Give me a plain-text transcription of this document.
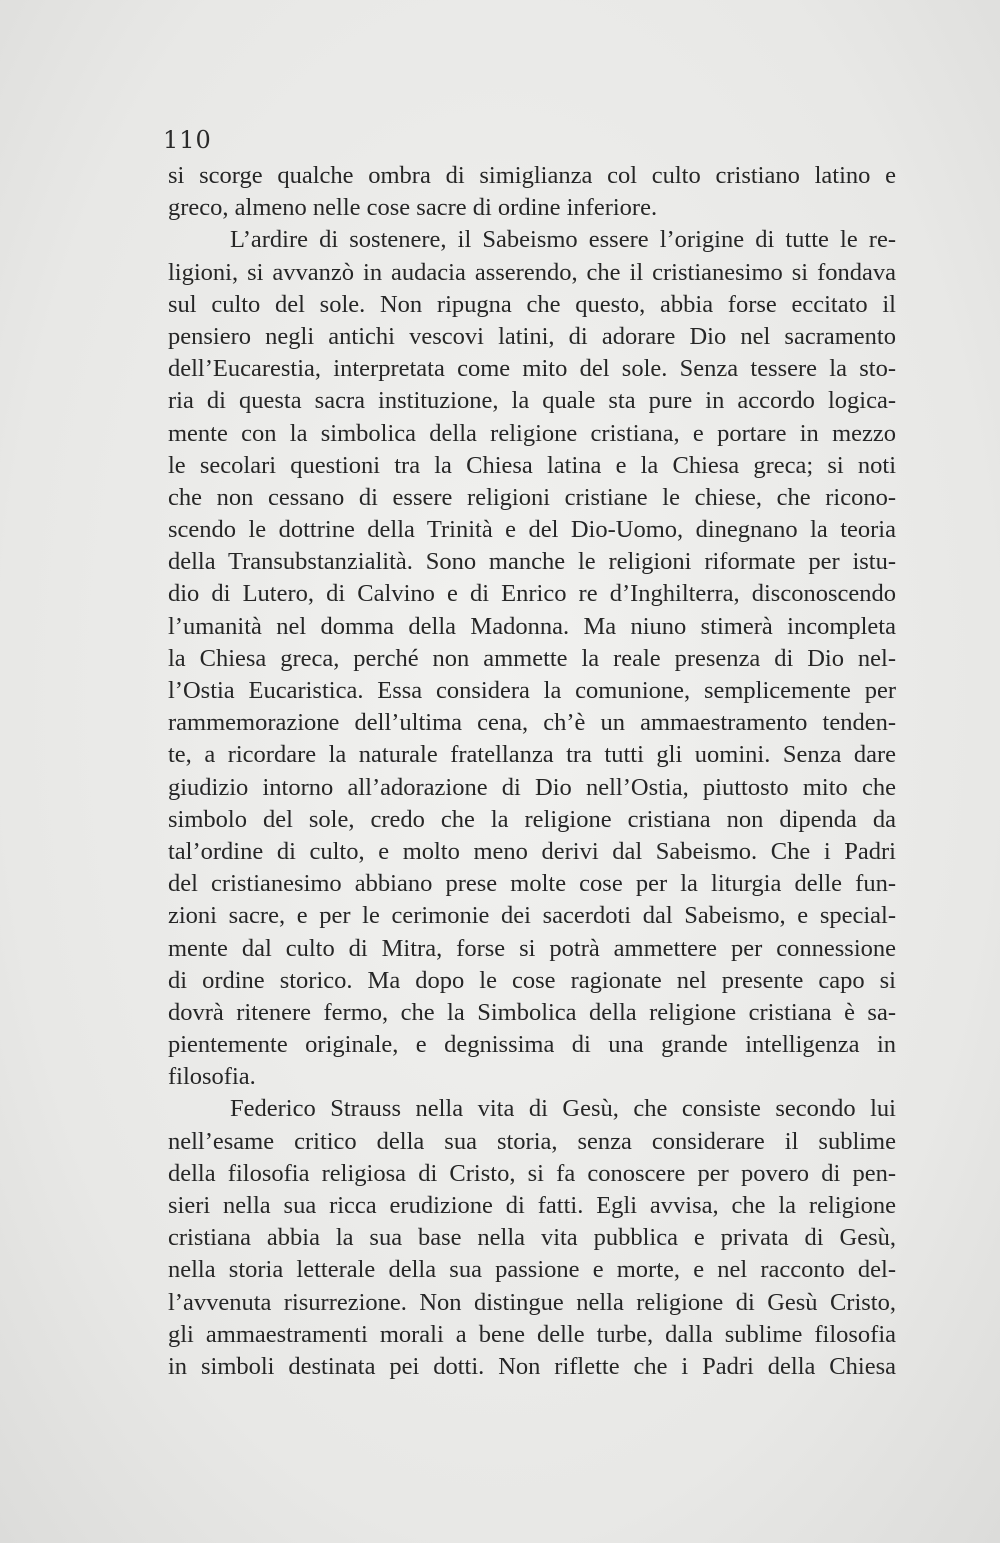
110
si scorge qualche ombra di simiglianza col culto cristiano latino e
greco, almeno nelle cose sacre di ordine inferiore.
L’ardire di sostenere, il Sabeismo essere l’origine di tutte le re-
ligioni, si avvanzò in audacia asserendo, che il cristianesimo si fondava
sul culto del sole. Non ripugna che questo, abbia forse eccitato il
pensiero negli antichi vescovi latini, di adorare Dio nel sacramento
dell’Eucarestia, interpretata come mito del sole. Senza tessere la sto-
ria di questa sacra instituzione, la quale sta pure in accordo logica-
mente con la simbolica della religione cristiana, e portare in mezzo
le secolari questioni tra la Chiesa latina e la Chiesa greca; si noti
che non cessano di essere religioni cristiane le chiese, che ricono-
scendo le dottrine della Trinità e del Dio-Uomo, dinegnano la teoria
della Transubstanzialità. Sono manche le religioni riformate per istu-
dio di Lutero, di Calvino e di Enrico re d’Inghilterra, disconoscendo
l’umanità nel domma della Madonna. Ma niuno stimerà incompleta
la Chiesa greca, perché non ammette la reale presenza di Dio nel-
l’Ostia Eucaristica. Essa considera la comunione, semplicemente per
rammemorazione dell’ultima cena, ch’è un ammaestramento tenden-
te, a ricordare la naturale fratellanza tra tutti gli uomini. Senza dare
giudizio intorno all’adorazione di Dio nell’Ostia, piuttosto mito che
simbolo del sole, credo che la religione cristiana non dipenda da
tal’ordine di culto, e molto meno derivi dal Sabeismo. Che i Padri
del cristianesimo abbiano prese molte cose per la liturgia delle fun-
zioni sacre, e per le cerimonie dei sacerdoti dal Sabeismo, e special-
mente dal culto di Mitra, forse si potrà ammettere per connessione
di ordine storico. Ma dopo le cose ragionate nel presente capo si
dovrà ritenere fermo, che la Simbolica della religione cristiana è sa-
pientemente originale, e degnissima di una grande intelligenza in
filosofia.
Federico Strauss nella vita di Gesù, che consiste secondo lui
nell’esame critico della sua storia, senza considerare il sublime
della filosofia religiosa di Cristo, si fa conoscere per povero di pen-
sieri nella sua ricca erudizione di fatti. Egli avvisa, che la religione
cristiana abbia la sua base nella vita pubblica e privata di Gesù,
nella storia letterale della sua passione e morte, e nel racconto del-
l’avvenuta risurrezione. Non distingue nella religione di Gesù Cristo,
gli ammaestramenti morali a bene delle turbe, dalla sublime filosofia
in simboli destinata pei dotti. Non riflette che i Padri della Chiesa
